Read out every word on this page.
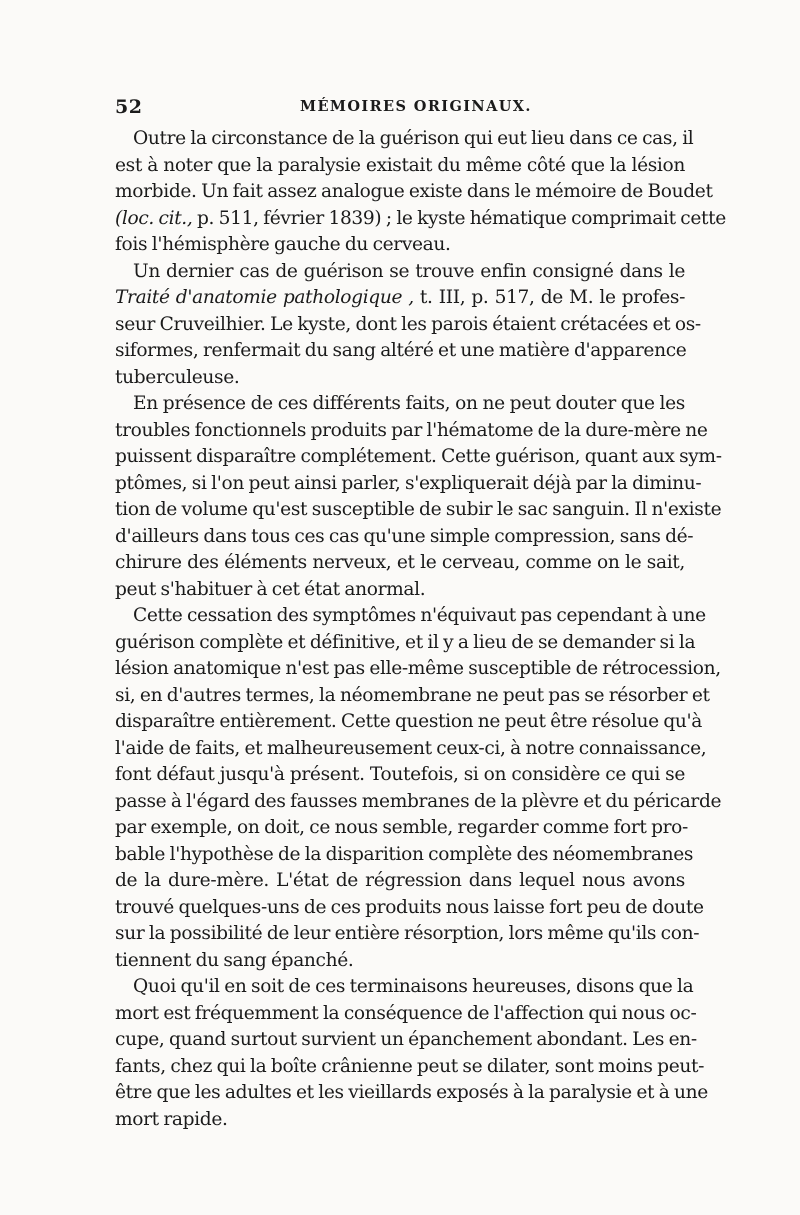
52	MÉMOIRES ORIGINAUX.
Outre la circonstance de la guérison qui eut lieu dans ce cas, il
est à noter que la paralysie existait du même côté que la lésion
morbide. Un fait assez analogue existe dans le mémoire de Boudet
(loc. cit., p. 511, février 1839) ; le kyste hématique comprimait cette
fois l'hémisphère gauche du cerveau.
Un dernier cas de guérison se trouve enfin consigné dans le
Traité d'anatomie pathologique , t. III, p. 517, de M. le profes-
seur Cruveilhier. Le kyste, dont les parois étaient crétacées et os-
siformes, renfermait du sang altéré et une matière d'apparence
tuberculeuse.
En présence de ces différents faits, on ne peut douter que les
troubles fonctionnels produits par l'hématome de la dure-mère ne
puissent disparaître complétement. Cette guérison, quant aux sym-
ptômes, si l'on peut ainsi parler, s'expliquerait déjà par la diminu-
tion de volume qu'est susceptible de subir le sac sanguin. Il n'existe
d'ailleurs dans tous ces cas qu'une simple compression, sans dé-
chirure des éléments nerveux, et le cerveau, comme on le sait,
peut s'habituer à cet état anormal.
Cette cessation des symptômes n'équivaut pas cependant à une
guérison complète et définitive, et il y a lieu de se demander si la
lésion anatomique n'est pas elle-même susceptible de rétrocession,
si, en d'autres termes, la néomembrane ne peut pas se résorber et
disparaître entièrement. Cette question ne peut être résolue qu'à
l'aide de faits, et malheureusement ceux-ci, à notre connaissance,
font défaut jusqu'à présent. Toutefois, si on considère ce qui se
passe à l'égard des fausses membranes de la plèvre et du péricarde
par exemple, on doit, ce nous semble, regarder comme fort pro-
bable l'hypothèse de la disparition complète des néomembranes
de la dure-mère. L'état de régression dans lequel nous avons
trouvé quelques-uns de ces produits nous laisse fort peu de doute
sur la possibilité de leur entière résorption, lors même qu'ils con-
tiennent du sang épanché.
Quoi qu'il en soit de ces terminaisons heureuses, disons que la
mort est fréquemment la conséquence de l'affection qui nous oc-
cupe, quand surtout survient un épanchement abondant. Les en-
fants, chez qui la boîte crânienne peut se dilater, sont moins peut-
être que les adultes et les vieillards exposés à la paralysie et à une
mort rapide.
